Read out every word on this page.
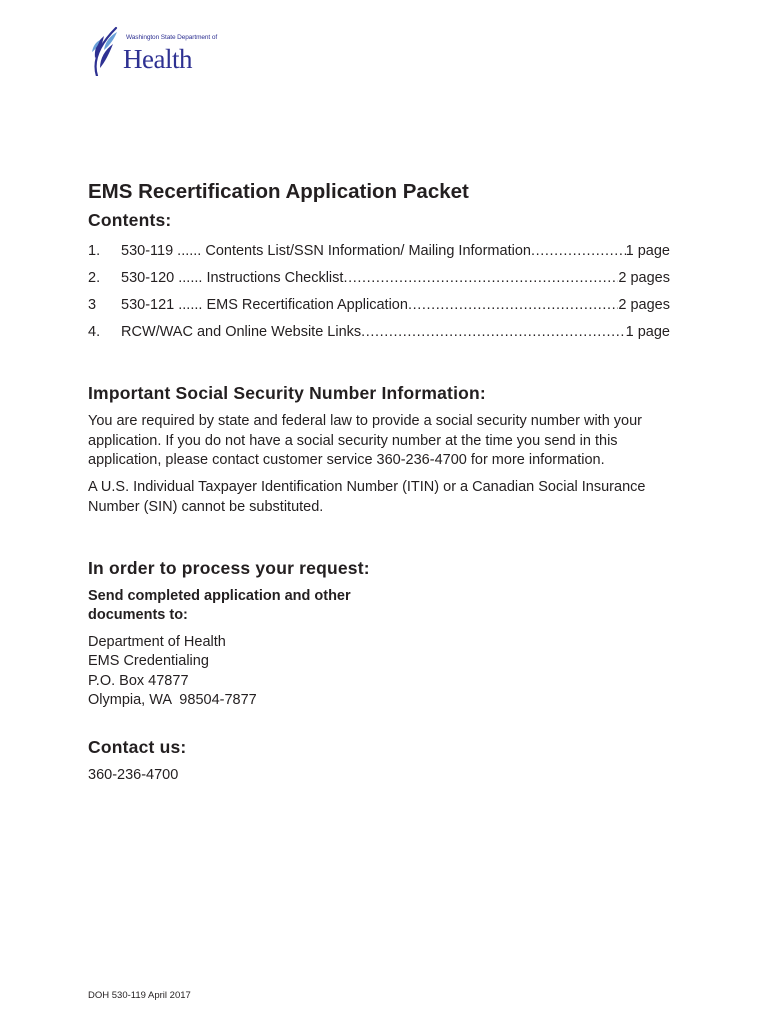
Washington State Department of
Health
EMS Recertification Application Packet
Contents:
1. 530-119 ...... Contents List/SSN Information/ Mailing Information .....	1 page
2. 530-120 ...... Instructions Checklist .....	2 pages
3 530-121 ...... EMS Recertification Application .....	2 pages
4. RCW/WAC and Online Website Links .....	1 page
Important Social Security Number Information:

You are required by state and federal law to provide a social security number with your application. If you do not have a social security number at the time you send in this application, please contact customer service 360-236-4700 for more information.

A U.S. Individual Taxpayer Identification Number (ITIN) or a Canadian Social Insurance Number (SIN) cannot be substituted.

In order to process your request:

Send completed application and other documents to:

Department of Health
EMS Credentialing
P.O. Box 47877
Olympia, WA  98504-7877
Contact us:

360-236-4700

DOH 530-119 April 2017
